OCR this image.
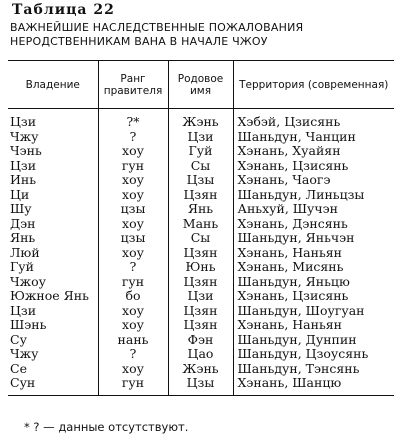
Таблица 22
ВАЖНЕЙШИЕ НАСЛЕДСТВЕННЫЕ ПОЖАЛОВАНИЯ
НЕРОДСТВЕННИКАМ ВАНА В НАЧАЛЕ ЧЖОУ
Владение	Ранг правителя	Родовое имя	Территория (современная)
Цзи	?*	Жэнь	Хэбэй, Цзисянь
Чжу	?	Цзи	Шаньдун, Чанцин
Чэнь	хоу	Гуй	Хэнань, Хуайян
Цзи	гун	Сы	Хэнань, Цзисянь
Инь	хоу	Цзы	Хэнань, Чаогэ
Ци	хоу	Цзян	Шаньдун, Линьцзы
Шу	цзы	Янь	Аньхуй, Шучэн
Дэн	хоу	Мань	Хэнань, Дэнсянь
Янь	цзы	Сы	Шаньдун, Яньчэн
Люй	хоу	Цзян	Хэнань, Наньян
Гуй	?	Юнь	Хэнань, Мисянь
Чжоу	гун	Цзян	Шаньдун, Яньцю
Южное Янь	бо	Цзи	Хэнань, Цзисянь
Цзи	хоу	Цзян	Шаньдун, Шоугуан
Шэнь	хоу	Цзян	Хэнань, Наньян
Су	нань	Фэн	Шаньдун, Дунпин
Чжу	?	Цао	Шаньдун, Цзоусянь
Се	хоу	Жэнь	Шаньдун, Тэнсянь
Сун	гун	Цзы	Хэнань, Шанцю
* ? — данные отсутствуют.
